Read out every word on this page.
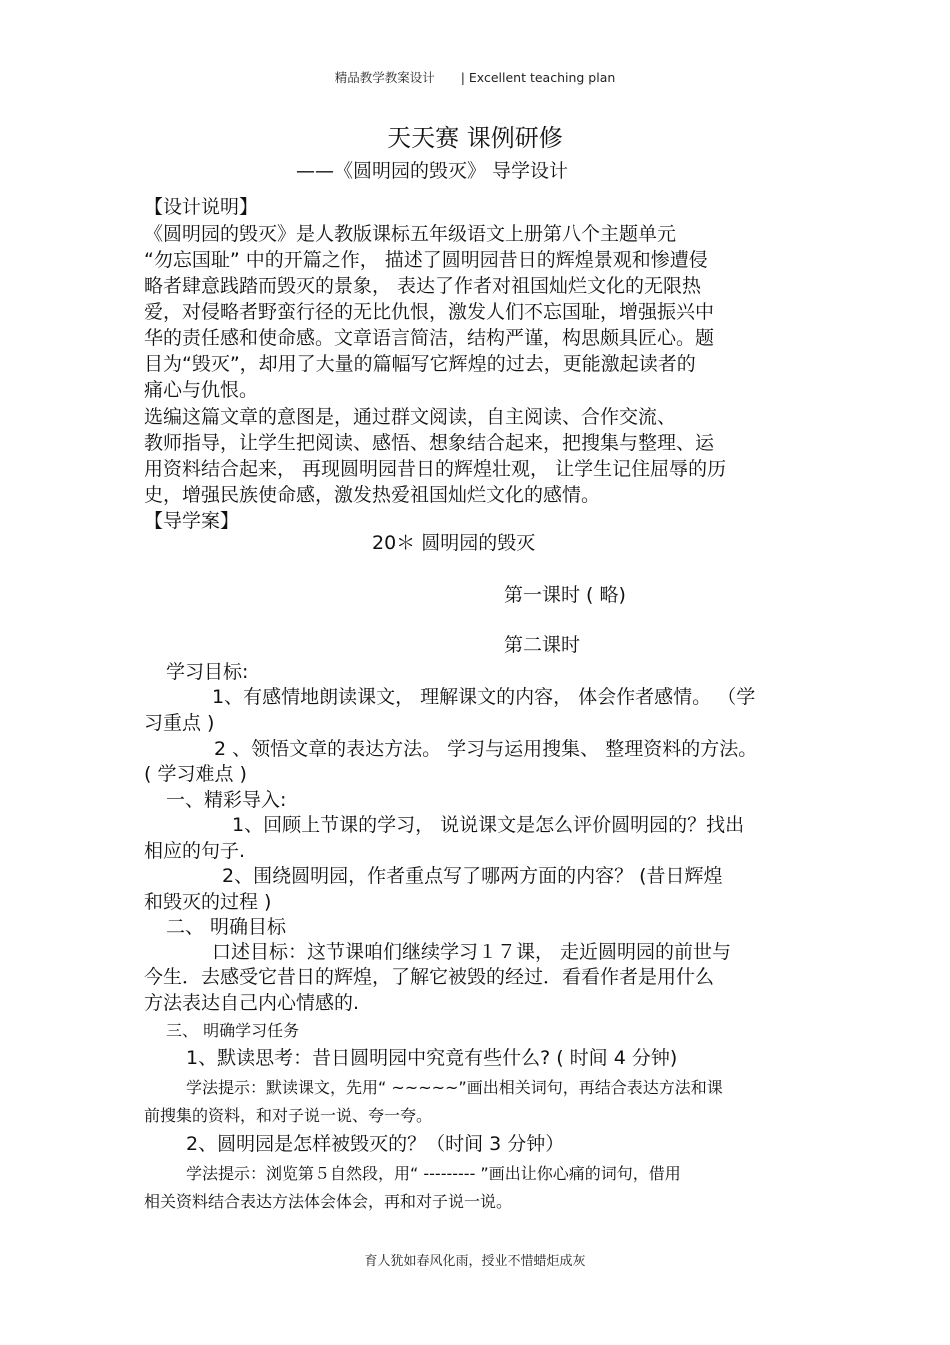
精品教学教案设计 | Excellent teaching plan
天天赛 课例研修
——《圆明园的毁灭》 导学设计
【设计说明】
《圆明园的毁灭》是人教版课标五年级语文上册第八个主题单元
“勿忘国耻” 中的开篇之作， 描述了圆明园昔日的辉煌景观和惨遭侵
略者肆意践踏而毁灭的景象， 表达了作者对祖国灿烂文化的无限热
爱，对侵略者野蛮行径的无比仇恨，激发人们不忘国耻，增强振兴中
华的责任感和使命感。文章语言简洁，结构严谨，构思颇具匠心。题
目为“毁灭”，却用了大量的篇幅写它辉煌的过去，更能激起读者的
痛心与仇恨。
选编这篇文章的意图是，通过群文阅读，自主阅读、合作交流、
教师指导，让学生把阅读、感悟、想象结合起来，把搜集与整理、运
用资料结合起来， 再现圆明园昔日的辉煌壮观， 让学生记住屈辱的历
史，增强民族使命感，激发热爱祖国灿烂文化的感情。
【导学案】
20＊ 圆明园的毁灭
第一课时 ( 略)
第二课时
学习目标:
1、有感情地朗读课文， 理解课文的内容， 体会作者感情。 （学
习重点 )
2 、领悟文章的表达方法。 学习与运用搜集、 整理资料的方法。
( 学习难点 )
一、精彩导入:
1、回顾上节课的学习， 说说课文是怎么评价圆明园的？找出
相应的句子.
2、围绕圆明园，作者重点写了哪两方面的内容？ (昔日辉煌
和毁灭的过程 )
二、 明确目标
口述目标：这节课咱们继续学习１７课， 走近圆明园的前世与
今生．去感受它昔日的辉煌，了解它被毁的经过．看看作者是用什么
方法表达自己内心情感的.
三、 明确学习任务
1、默读思考：昔日圆明园中究竟有些什么? ( 时间 4 分钟)
学法提示：默读课文，先用“ ~~~~~”画出相关词句，再结合表达方法和课
前搜集的资料，和对子说一说、夸一夸。
2、圆明园是怎样被毁灭的？（时间 3 分钟）
学法提示：浏览第５自然段，用“ --------- ”画出让你心痛的词句，借用
相关资料结合表达方法体会体会，再和对子说一说。
育人犹如春风化雨，授业不惜蜡炬成灰
